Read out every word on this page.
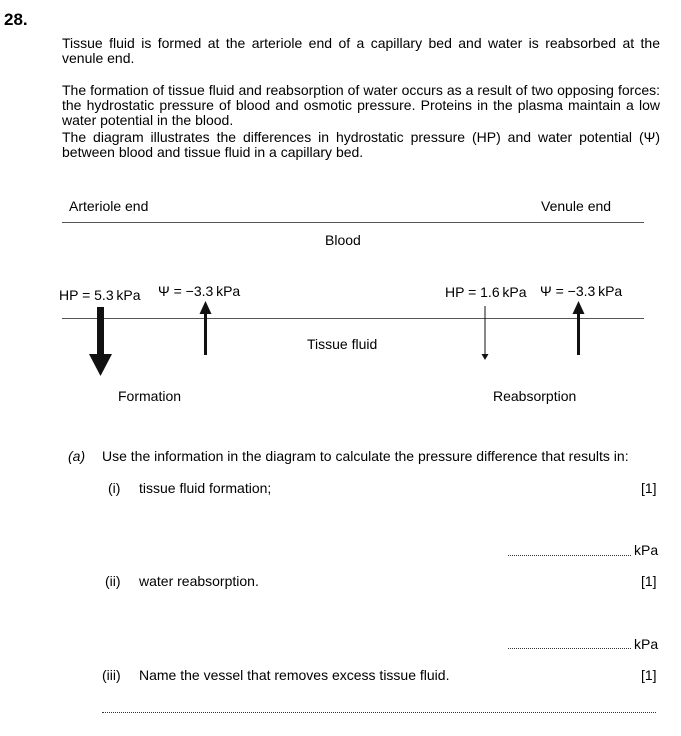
28.
Tissue fluid is formed at the arteriole end of a capillary bed and water is reabsorbed at the venule end.
The formation of tissue fluid and reabsorption of water occurs as a result of two opposing forces: the hydrostatic pressure of blood and osmotic pressure. Proteins in the plasma maintain a low water potential in the blood.
The diagram illustrates the differences in hydrostatic pressure (HP) and water potential (Ψ) between blood and tissue fluid in a capillary bed.
Arteriole end	Venule end
Blood
HP = 5.3 kPa Ψ = −3.3 kPa	HP = 1.6 kPa Ψ = −3.3 kPa
Tissue fluid
Formation	Reabsorption
(a) Use the information in the diagram to calculate the pressure difference that results in:
(i) tissue fluid formation;	[1]
kPa
(ii) water reabsorption.	[1]
kPa
(iii) Name the vessel that removes excess tissue fluid.	[1]
